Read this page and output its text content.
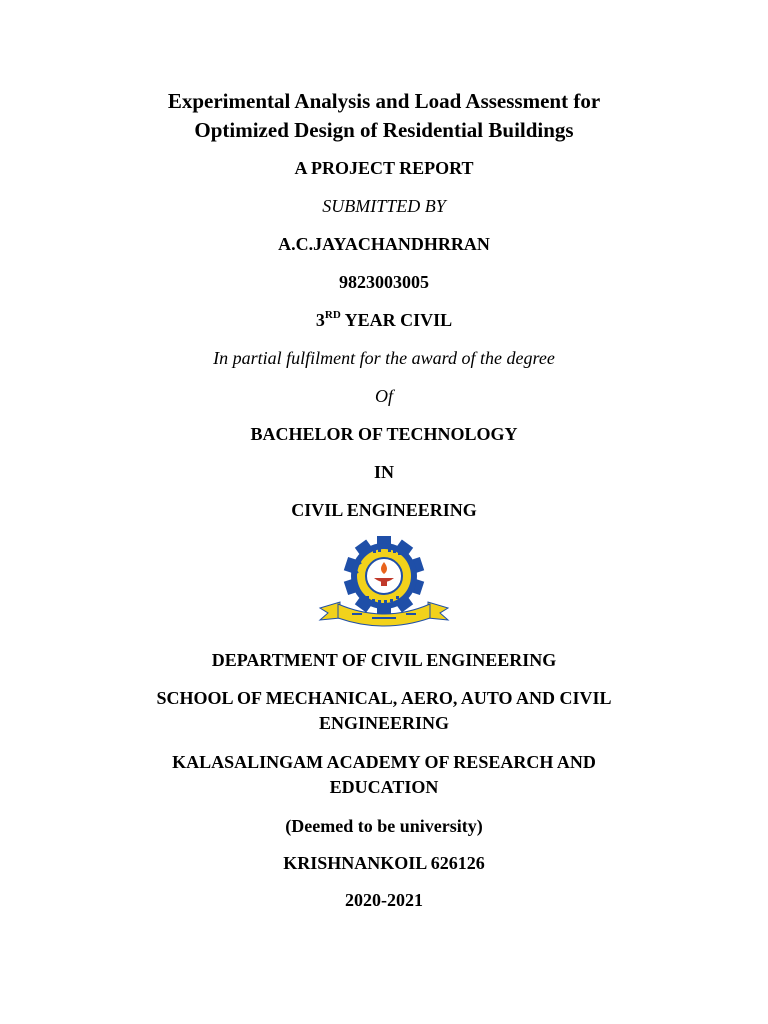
Experimental Analysis and Load Assessment for
Optimized Design of Residential Buildings
A PROJECT REPORT
SUBMITTED BY
A.C.JAYACHANDHRRAN
9823003005
3RD YEAR CIVIL
In partial fulfilment for the award of the degree
Of
BACHELOR OF TECHNOLOGY
IN
CIVIL ENGINEERING
DEPARTMENT OF CIVIL ENGINEERING
SCHOOL OF MECHANICAL, AERO, AUTO AND CIVIL
ENGINEERING
KALASALINGAM ACADEMY OF RESEARCH AND
EDUCATION
(Deemed to be university)
KRISHNANKOIL 626126
2020-2021
